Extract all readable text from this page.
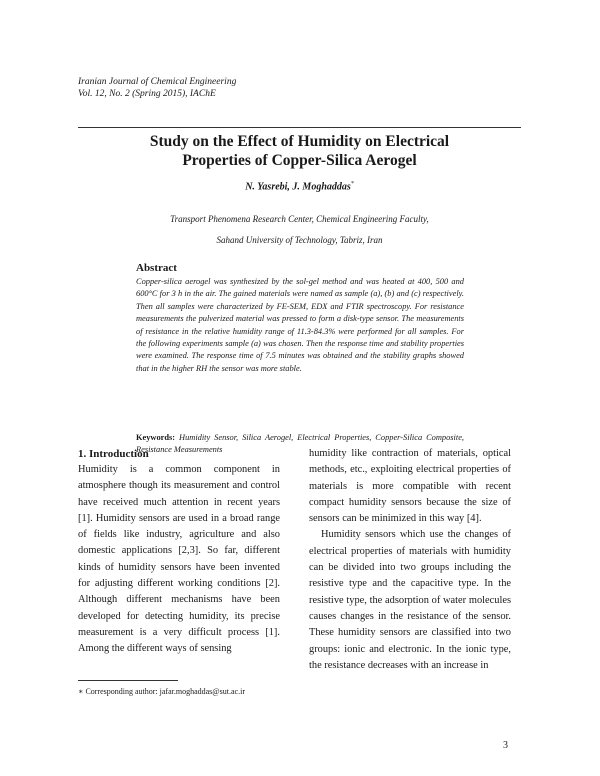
Iranian Journal of Chemical Engineering
Vol. 12, No. 2 (Spring 2015), IAChE
Study on the Effect of Humidity on Electrical
Properties of Copper-Silica Aerogel
N. Yasrebi, J. Moghaddas*
Transport Phenomena Research Center, Chemical Engineering Faculty,
Sahand University of Technology, Tabriz, Iran
Abstract
Copper-silica aerogel was synthesized by the sol-gel method and was heated at 400, 500 and 600°C for 3 h in the air. The gained materials were named as sample (a), (b) and (c) respectively. Then all samples were characterized by FE-SEM, EDX and FTIR spectroscopy. For resistance measurements the pulverized material was pressed to form a disk-type sensor. The measurements of resistance in the relative humidity range of 11.3-84.3% were performed for all samples. For the following experiments sample (a) was chosen. Then the response time and stability properties were examined. The response time of 7.5 minutes was obtained and the stability graphs showed that in the higher RH the sensor was more stable.
Keywords: Humidity Sensor, Silica Aerogel, Electrical Properties, Copper-Silica Composite, Resistance Measurements
1. Introduction

Humidity is a common component in atmosphere though its measurement and control have received much attention in recent years [1]. Humidity sensors are used in a broad range of fields like industry, agriculture and also domestic applications [2,3]. So far, different kinds of humidity sensors have been invented for adjusting different working conditions [2]. Although different mechanisms have been developed for detecting humidity, its precise measurement is a very difficult process [1]. Among the different ways of sensing

humidity like contraction of materials, optical methods, etc., exploiting electrical properties of materials is more compatible with recent compact humidity sensors because the size of sensors can be minimized in this way [4].

Humidity sensors which use the changes of electrical properties of materials with humidity can be divided into two groups including the resistive type and the capacitive type. In the resistive type, the adsorption of water molecules causes changes in the resistance of the sensor. These humidity sensors are classified into two groups: ionic and electronic. In the ionic type, the resistance decreases with an increase in

∗ Corresponding author: jafar.moghaddas@sut.ac.ir
3
